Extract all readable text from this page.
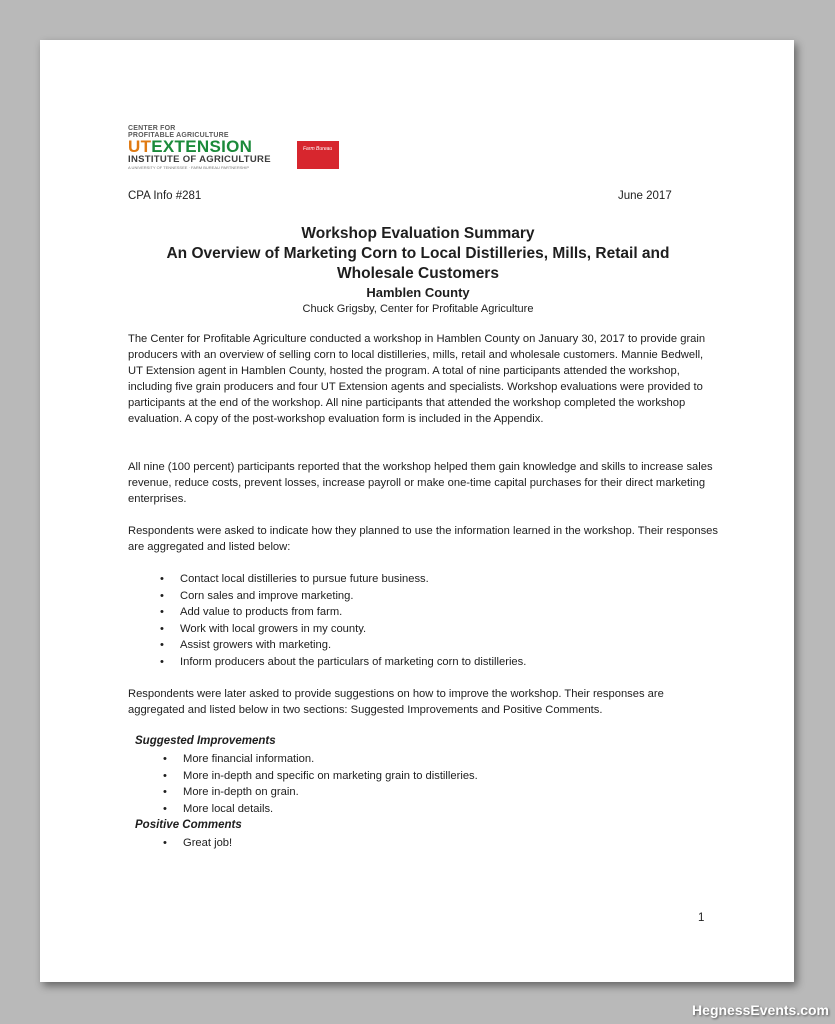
CENTER FOR
PROFITABLE AGRICULTURE
UTEXTENSION
INSTITUTE OF AGRICULTURE
A UNIVERSITY OF TENNESSEE · FARM BUREAU PARTNERSHIP
Farm Bureau
CPA Info #281	June 2017

Workshop Evaluation Summary

An Overview of Marketing Corn to Local Distilleries, Mills, Retail and

Wholesale Customers

Hamblen County

Chuck Grigsby, Center for Profitable Agriculture

The Center for Profitable Agriculture conducted a workshop in Hamblen County on January 30, 2017 to provide grain producers with an overview of selling corn to local distilleries, mills, retail and wholesale customers. Mannie Bedwell, UT Extension agent in Hamblen County, hosted the program. A total of nine participants attended the workshop, including five grain producers and four UT Extension agents and specialists. Workshop evaluations were provided to participants at the end of the workshop. All nine participants that attended the workshop completed the workshop evaluation. A copy of the post-workshop evaluation form is included in the Appendix.

All nine (100 percent) participants reported that the workshop helped them gain knowledge and skills to increase sales revenue, reduce costs, prevent losses, increase payroll or make one-time capital purchases for their direct marketing enterprises.

Respondents were asked to indicate how they planned to use the information learned in the workshop. Their responses are aggregated and listed below:

• Contact local distilleries to pursue future business.
• Corn sales and improve marketing.
• Add value to products from farm.
• Work with local growers in my county.
• Assist growers with marketing.
• Inform producers about the particulars of marketing corn to distilleries.

Respondents were later asked to provide suggestions on how to improve the workshop. Their responses are aggregated and listed below in two sections: Suggested Improvements and Positive Comments.

Suggested Improvements
• More financial information.
• More in-depth and specific on marketing grain to distilleries.
• More in-depth on grain.
• More local details.
Positive Comments
• Great job!
1
HegnessEvents.com
